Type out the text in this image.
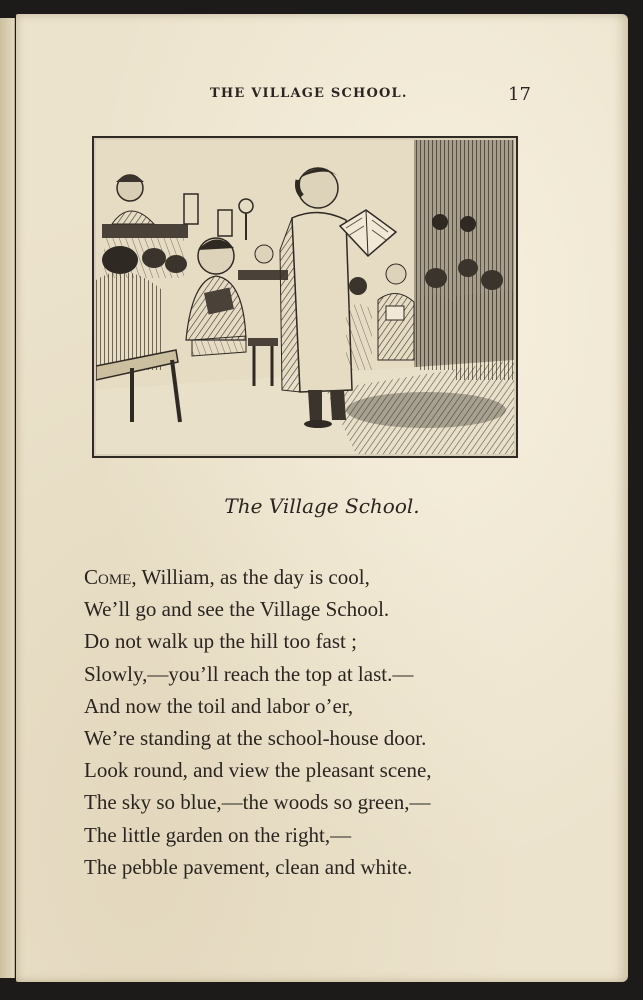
THE VILLAGE SCHOOL.	17
The Village School.
Come, William, as the day is cool,
We’ll go and see the Village School.
Do not walk up the hill too fast ;
Slowly,—you’ll reach the top at last.—
And now the toil and labor o’er,
We’re standing at the school-house door.
Look round, and view the pleasant scene,
The sky so blue,—the woods so green,—
The little garden on the right,—
The pebble pavement, clean and white.
